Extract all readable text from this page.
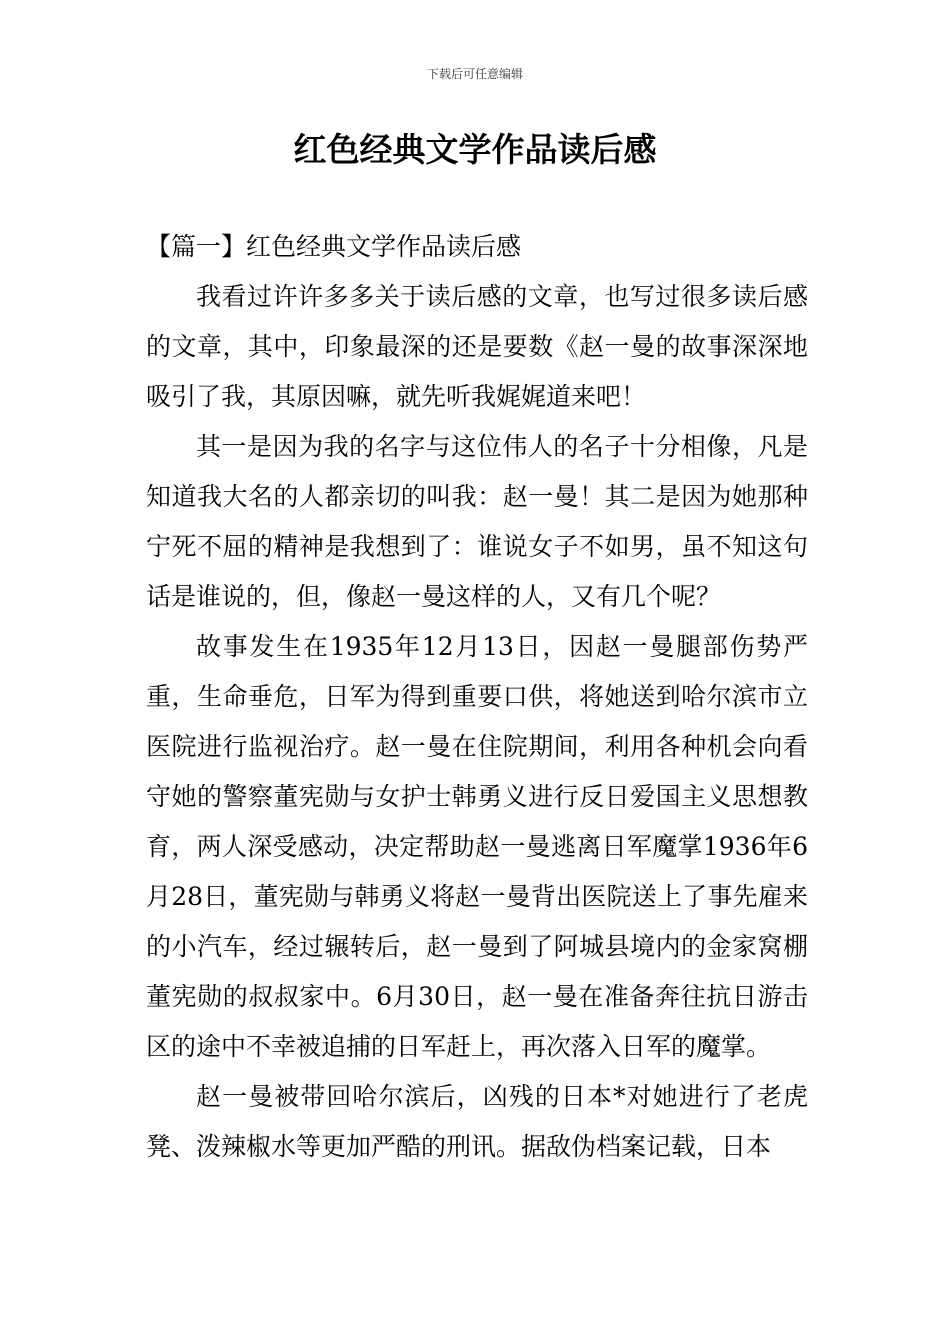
下载后可任意编辑
红色经典文学作品读后感

【篇一】红色经典文学作品读后感

我看过许许多多关于读后感的文章，也写过很多读后感的文章，其中，印象最深的还是要数《赵一曼的故事深深地吸引了我，其原因嘛，就先听我娓娓道来吧！

其一是因为我的名字与这位伟人的名子十分相像，凡是知道我大名的人都亲切的叫我：赵一曼！其二是因为她那种宁死不屈的精神是我想到了：谁说女子不如男，虽不知这句话是谁说的，但，像赵一曼这样的人，又有几个呢？

故事发生在1935年12月13日，因赵一曼腿部伤势严重，生命垂危，日军为得到重要口供，将她送到哈尔滨市立医院进行监视治疗。赵一曼在住院期间，利用各种机会向看守她的警察董宪勋与女护士韩勇义进行反日爱国主义思想教育，两人深受感动，决定帮助赵一曼逃离日军魔掌1936年6月28日，董宪勋与韩勇义将赵一曼背出医院送上了事先雇来的小汽车，经过辗转后，赵一曼到了阿城县境内的金家窝棚董宪勋的叔叔家中。6月30日，赵一曼在准备奔往抗日游击区的途中不幸被追捕的日军赶上，再次落入日军的魔掌。

赵一曼被带回哈尔滨后，凶残的日本*对她进行了老虎凳、泼辣椒水等更加严酷的刑讯。据敌伪档案记载，日本
